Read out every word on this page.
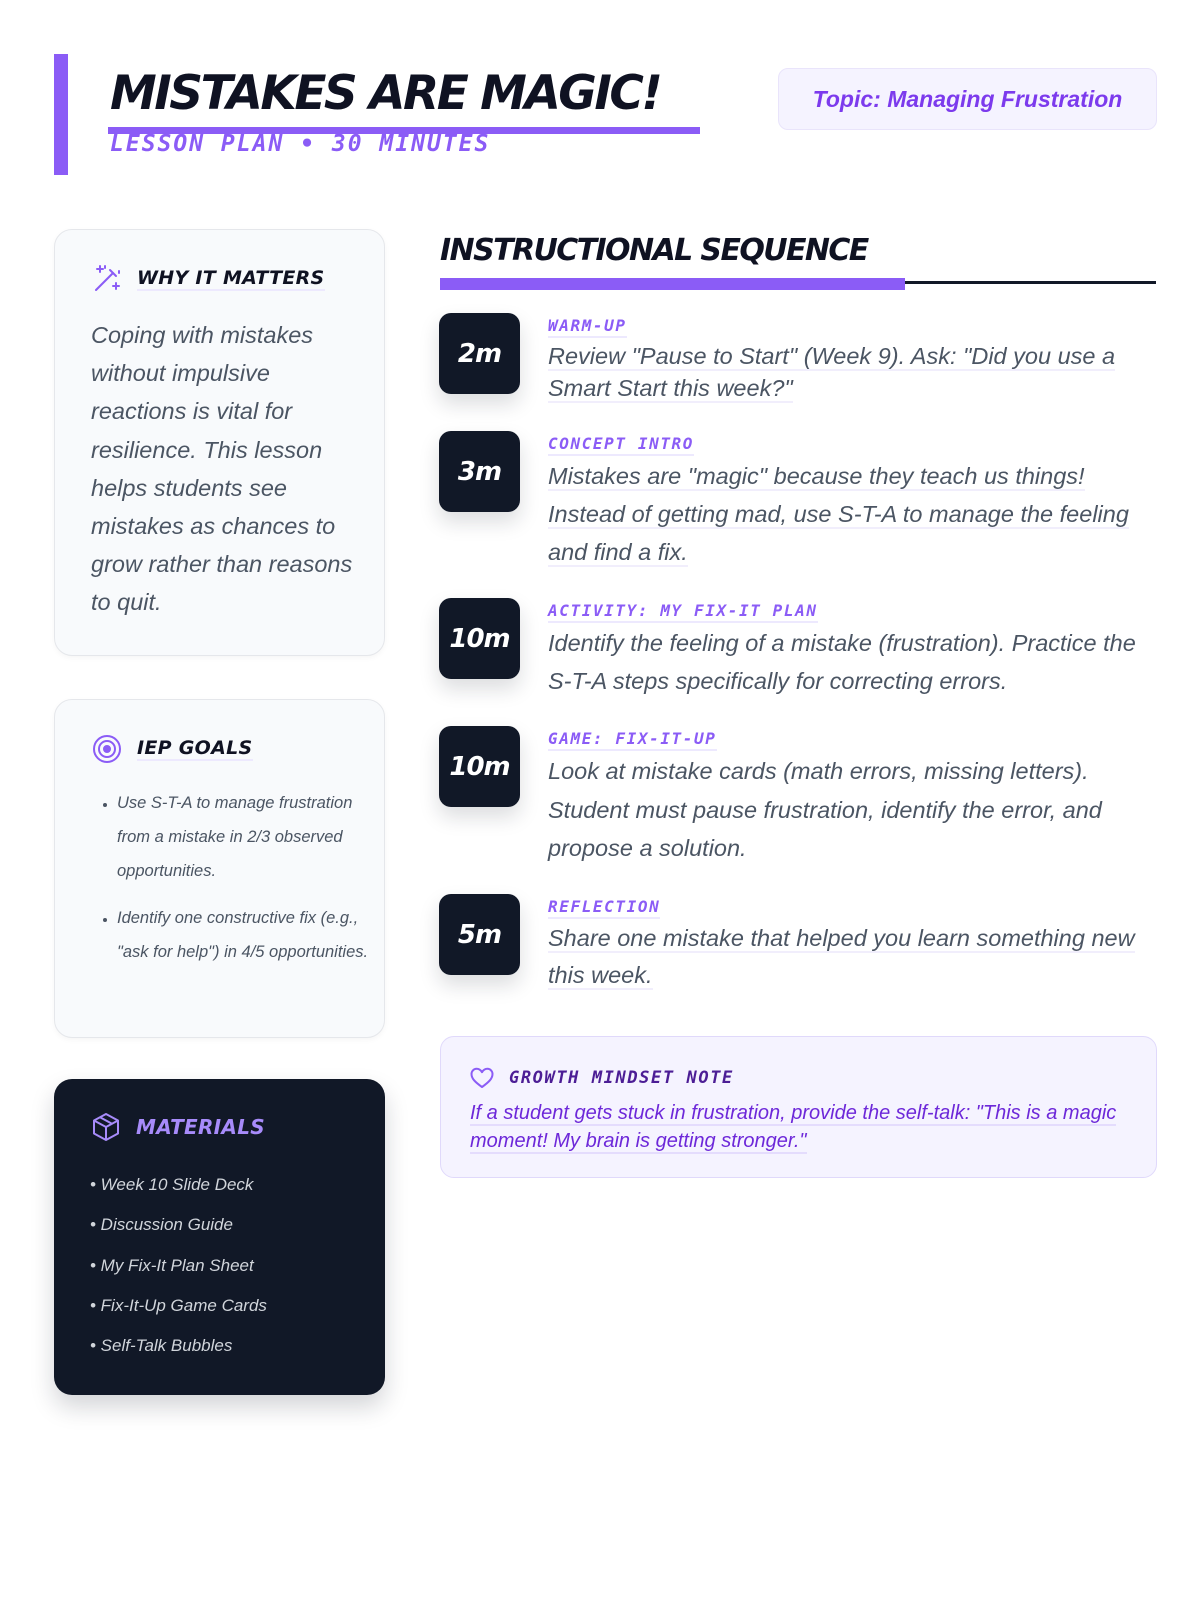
MISTAKES ARE MAGIC!
LESSON PLAN • 30 MINUTES
Topic: Managing Frustration
WHY IT MATTERS
Coping with mistakes without impulsive reactions is vital for resilience. This lesson helps students see mistakes as chances to grow rather than reasons to quit.
IEP GOALS
• Use S-T-A to manage frustration from a mistake in 2/3 observed opportunities.
• Identify one constructive fix (e.g., "ask for help") in 4/5 opportunities.
MATERIALS
• Week 10 Slide Deck
• Discussion Guide
• My Fix-It Plan Sheet
• Fix-It-Up Game Cards
• Self-Talk Bubbles
INSTRUCTIONAL SEQUENCE
2m
WARM-UP
Review "Pause to Start" (Week 9). Ask: "Did you use a Smart Start this week?"
3m
CONCEPT INTRO
Mistakes are "magic" because they teach us things! Instead of getting mad, use S-T-A to manage the feeling and find a fix.
10m
ACTIVITY: MY FIX-IT PLAN
Identify the feeling of a mistake (frustration). Practice the S-T-A steps specifically for correcting errors.
10m
GAME: FIX-IT-UP
Look at mistake cards (math errors, missing letters). Student must pause frustration, identify the error, and propose a solution.
5m
REFLECTION
Share one mistake that helped you learn something new this week.
GROWTH MINDSET NOTE
If a student gets stuck in frustration, provide the self-talk: "This is a magic moment! My brain is getting stronger."
